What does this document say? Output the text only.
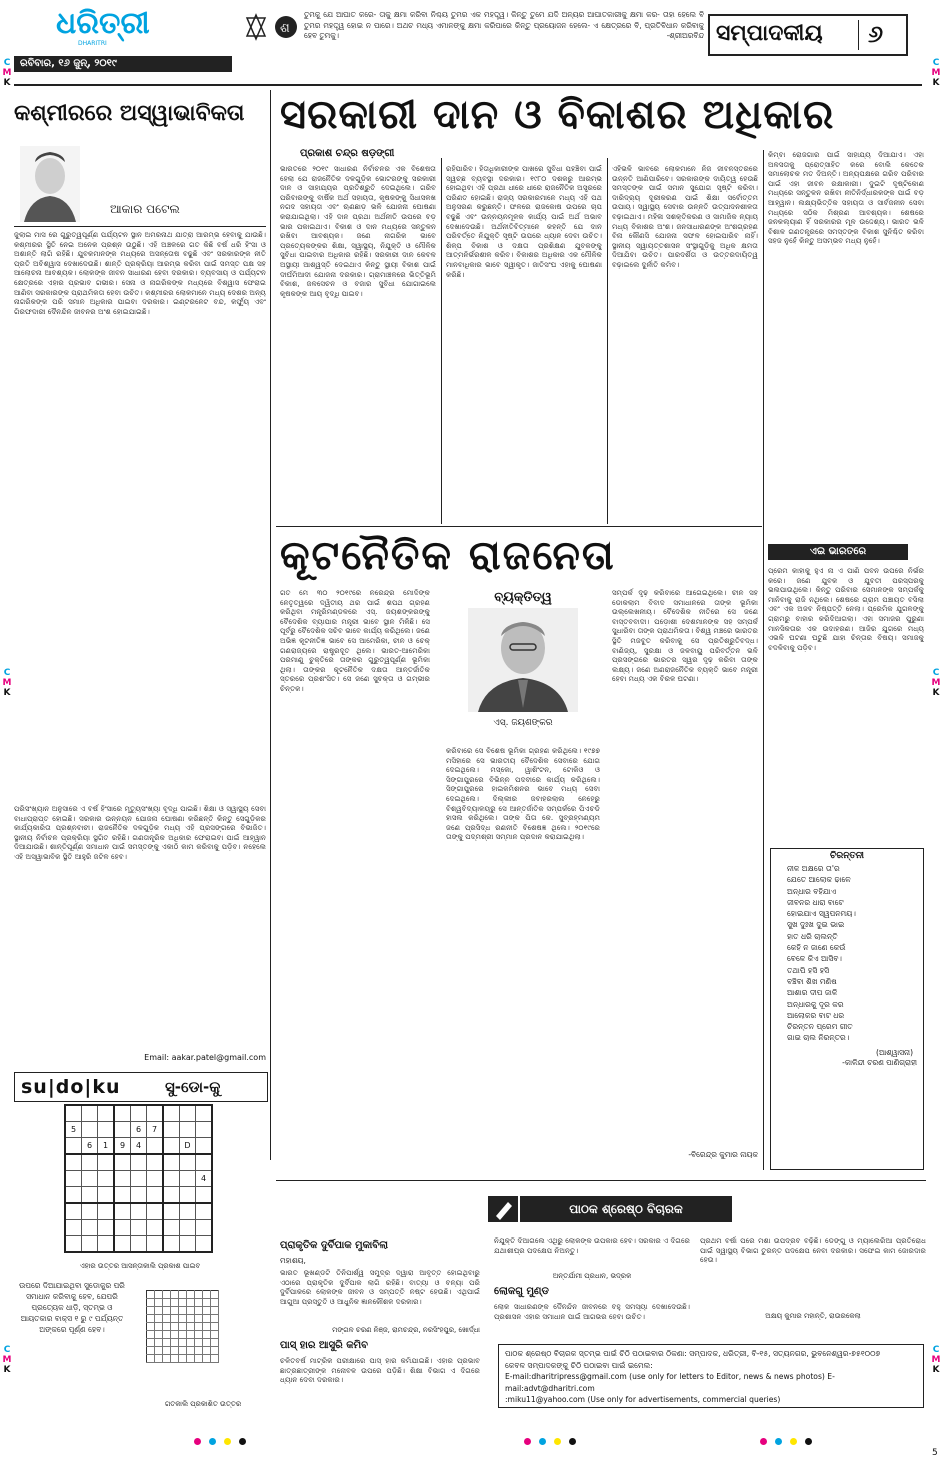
C
M
K
C
M
K
C
M
K
C
M
K
C
M
K
C
M
K
ଧରିତ୍ରୀ
DHARITRI
ରବିବାର, ୧୬ ଜୁନ୍, ୨୦୧୯
ଶ
ତୁମକୁ ଯେ ଆଘାତ କରେ- ତାକୁ କ୍ଷମା କରିବା ନିଶ୍ଚୟ ତୁମର ଏକ ମହତ୍ତ୍ୱ। କିନ୍ତୁ ତୁମେ ଯଦି ଅନ୍ୟର ଆଘାତକାରୀକୁ କ୍ଷମା କର- ତାହା ହେଲେ ବି ତୁମର ମହତ୍ତ୍ୱ ହୋଇ ନ ପାରେ। ଅଥଚ ମଧ୍ୟ ଏମାନଙ୍କୁ କ୍ଷମା କରିପାରେ କିନ୍ତୁ ପ୍ରୟୋଜନ ହେଲେ- ଏ କ୍ଷେତ୍ରରେ ବି, ପ୍ରତିବିଧାନ କରିବାକୁ ହେବ ତୁମକୁ।	-ଶ୍ରୀଅରବିନ୍ଦ ସମ୍ପାଦକୀୟ ୬
କଶ୍ମୀରରେ ଅସ୍ୱାଭାବିକତା
ଆକାର ପଟେଲ
ଜୁଲାଇ ମାସ ରେ ଗୁରୁତ୍ୱପୂର୍ଣ୍ଣ ପର୍ଯ୍ୟଟନ ସ୍ଥାନ ଅମରନାଥ ଯାତ୍ରା ଆରମ୍ଭ ହେବାକୁ ଯାଉଛି। କଶ୍ମୀରର ସ୍ଥିତି ନେଇ ଅନେକ ପ୍ରଶ୍ନ ଉଠୁଛି। ଏହି ଅଞ୍ଚଳରେ ଗତ କିଛି ବର୍ଷ ଧରି ହିଂସା ଓ ଅଶାନ୍ତି ଲାଗି ରହିଛି। ଯୁବକମାନଙ୍କ ମଧ୍ୟରେ ଅସନ୍ତୋଷ ବଢୁଛି ଏବଂ ସରକାରଙ୍କ ନୀତି ପ୍ରତି ଅବିଶ୍ୱାସ ଦେଖାଦେଉଛି। ଶାନ୍ତି ପ୍ରକ୍ରିୟା ଆରମ୍ଭ କରିବା ପାଇଁ ସମସ୍ତ ପକ୍ଷ ସହ ଆଲୋଚନା ଆବଶ୍ୟକ। ଲୋକଙ୍କ ଜୀବନ ସାଧାରଣ ହେବା ଦରକାର। ବ୍ୟବସାୟ ଓ ପର୍ଯ୍ୟଟନ କ୍ଷେତ୍ରରେ ଏହାର ପ୍ରଭାବ ଗଭୀର। ସେନା ଓ ନାଗରିକଙ୍କ ମଧ୍ୟରେ ବିଶ୍ୱାସ ଫେରାଇ ଆଣିବା ସରକାରଙ୍କ ପ୍ରାଥମିକତା ହେବା ଉଚିତ। କଶ୍ମୀରର ଲୋକମାନେ ମଧ୍ୟ ଦେଶର ଅନ୍ୟ ନାଗରିକଙ୍କ ପରି ସମାନ ଅଧିକାର ପାଇବା ଦରକାର। ଇଣ୍ଟରନେଟ ବନ୍ଦ, କର୍ଫ୍ୟୁ ଏବଂ ଗିରଫଦାରୀ ଦୈନନ୍ଦିନ ଜୀବନର ଅଂଶ ହୋଇଯାଇଛି।
ପରିସଂଖ୍ୟାନ ଅନୁସାରେ ଏ ବର୍ଷ ହିଂସାରେ ମୃତ୍ୟୁସଂଖ୍ୟା ବୃଦ୍ଧି ପାଇଛି। ଶିକ୍ଷା ଓ ସ୍ୱାସ୍ଥ୍ୟ ସେବା ବାଧାପ୍ରାପ୍ତ ହୋଇଛି। ସରକାର ଉନ୍ନୟନ ଯୋଜନା ଘୋଷଣା କରିଛନ୍ତି କିନ୍ତୁ ସେଗୁଡ଼ିକର କାର୍ଯ୍ୟକାରିତା ପ୍ରଶ୍ନବାଚୀ। ରାଜନୈତିକ ଦଳଗୁଡ଼ିକ ମଧ୍ୟ ଏହି ପ୍ରସଙ୍ଗରେ ବିଭାଜିତ। ସ୍ଥାନୀୟ ନିର୍ବାଚନ ପ୍ରକ୍ରିୟା ସ୍ଥଗିତ ରହିଛି। ଗଣତାନ୍ତ୍ରିକ ଅଧିକାର ଫେରାଇବା ପାଇଁ ଆହ୍ୱାନ ଦିଆଯାଉଛି। ଶାନ୍ତିପୂର୍ଣ୍ଣ ସମାଧାନ ପାଇଁ ସମସ୍ତଙ୍କୁ ଏକାଠି କାମ କରିବାକୁ ପଡ଼ିବ। ନହେଲେ ଏହି ଅସ୍ୱାଭାବିକ ସ୍ଥିତି ଆହୁରି ଜଟିଳ ହେବ।
Email: aakar.patel@gmail.com
su|do|ku	ସୁ-ଡୋ-କୁ

5				6	7			
	6	1	9	4			D	

								4

ଏହାର ଉତ୍ତର ଆସନ୍ତାକାଲି ପ୍ରକାଶ ପାଇବ
ଉପରେ ଦିଆଯାଇଥିବା ସୁଡୋକୁର ପରି ସମାଧାନ କରିବାକୁ ହେବ, ଯେପରି ପ୍ରତ୍ୟେକ ଧାଡ଼ି, ସ୍ତମ୍ଭ ଓ ଆୟତକାର ବାକ୍ସ ୧ ରୁ ୯ ପର୍ଯ୍ୟନ୍ତ ଅଙ୍କରେ ପୂର୍ଣ୍ଣ ହେବ।

ଗତକାଲି ପ୍ରକାଶିତ ଉତ୍ତର
ସରକାରୀ ଦାନ ଓ ବିକାଶର ଅଧିକାର
ପ୍ରକାଶ ଚନ୍ଦ୍ର ଷଡ଼ଙ୍ଗୀ
ଭାରତରେ ୨୦୧୯ ସାଧାରଣ ନିର୍ବାଚନର ଏକ ବିଶେଷତା ହେଲା ଯେ ରାଜନୈତିକ ଦଳଗୁଡ଼ିକ ଭୋଟରଙ୍କୁ ସରକାରୀ ଦାନ ଓ ସାହାଯ୍ୟର ପ୍ରତିଶ୍ରୁତି ଦେଇଥିଲେ। ଗରିବ ପରିବାରଙ୍କୁ ବାର୍ଷିକ ଅର୍ଥ ସହାୟତା, କୃଷକଙ୍କୁ ସିଧାସଳଖ ନଗଦ ସହାୟତା ଏବଂ ଋଣଛାଡ଼ ଭଳି ଯୋଜନା ଘୋଷଣା କରାଯାଇଥିଲା। ଏହି ଦାନ ପ୍ରଥା ଅର୍ଥନୀତି ଉପରେ ବଡ଼ ଭାର ପକାଇଥାଏ। ବିକାଶ ଓ ଦାନ ମଧ୍ୟରେ ସନ୍ତୁଳନ ରଖିବା ଆବଶ୍ୟକ। ଜଣେ ନାଗରିକ ଭାବେ ପ୍ରତ୍ୟେକଙ୍କର ଶିକ୍ଷା, ସ୍ୱାସ୍ଥ୍ୟ, ନିଯୁକ୍ତି ଓ ମୌଳିକ ସୁବିଧା ପାଇବାର ଅଧିକାର ରହିଛି। ସରକାରୀ ଦାନ କେବଳ ଅସ୍ଥାୟୀ ଆଶ୍ୱସ୍ତି ଦେଇଥାଏ କିନ୍ତୁ ସ୍ଥାୟୀ ବିକାଶ ପାଇଁ ଦୀର୍ଘମିଆଦୀ ଯୋଜନା ଦରକାର। ଗ୍ରାମାଞ୍ଚଳରେ ଭିତ୍ତିଭୂମି ବିକାଶ, ଜଳସେଚନ ଓ ବଜାର ସୁବିଧା ଯୋଗାଇଲେ କୃଷକଙ୍କ ଆୟ ବୃଦ୍ଧି ପାଇବ।
ରହିପାରିବ। ହିତାଧିକାରୀଙ୍କ ପାଖରେ ସୁବିଧା ପହଞ୍ଚିବା ପାଇଁ ସ୍ୱଚ୍ଛ ବ୍ୟବସ୍ଥା ଦରକାର। ୧୯୮୦ ଦଶକରୁ ଆରମ୍ଭ ହୋଇଥିବା ଏହି ପ୍ରଥା ଧୀରେ ଧୀରେ ରାଜନୈତିକ ଅସ୍ତ୍ରରେ ପରିଣତ ହୋଇଛି। ରାଜ୍ୟ ସରକାରମାନେ ମଧ୍ୟ ଏହି ପଥ ଅନୁସରଣ କରୁଛନ୍ତି। ଫଳରେ ରାଜକୋଷ ଉପରେ ଚାପ ବଢୁଛି ଏବଂ ଉନ୍ନୟନମୂଳକ କାର୍ଯ୍ୟ ପାଇଁ ଅର୍ଥ ଅଭାବ ଦେଖାଦେଉଛି। ଅର୍ଥନୀତିବିତ୍‌ମାନେ କହନ୍ତି ଯେ ଦାନ ପରିବର୍ତ୍ତେ ନିଯୁକ୍ତି ସୃଷ୍ଟି ଉପରେ ଧ୍ୟାନ ଦେବା ଉଚିତ। ଶିଳ୍ପ ବିକାଶ ଓ ଦକ୍ଷତା ପ୍ରଶିକ୍ଷଣ ଯୁବକଙ୍କୁ ଆତ୍ମନିର୍ଭରଶୀଳ କରିବ। ବିକାଶର ଅଧିକାର ଏକ ମୌଳିକ ମାନବାଧିକାର ଭାବେ ସ୍ୱୀକୃତ। ଜାତିସଂଘ ଏହାକୁ ଘୋଷଣା କରିଛି।
ଏହିଭଳି ଭାବରେ ଲୋକମାନେ ନିଜ ଜୀବନସ୍ତରରେ ଉନ୍ନତି ଆଣିପାରିବେ। ସରକାରଙ୍କ ଦାୟିତ୍ୱ ହେଉଛି ସମସ୍ତଙ୍କ ପାଇଁ ସମାନ ସୁଯୋଗ ସୃଷ୍ଟି କରିବା। ଦାରିଦ୍ର୍ୟ ଦୂରୀକରଣ ପାଇଁ ଶିକ୍ଷା ସର୍ବୋତ୍ତମ ଉପାୟ। ସ୍ୱାସ୍ଥ୍ୟ ସେବାର ଉନ୍ନତି ଉତ୍ପାଦନଶୀଳତା ବଢ଼ାଇଥାଏ। ମହିଳା ସଶକ୍ତିକରଣ ଓ ସାମାଜିକ ନ୍ୟାୟ ମଧ୍ୟ ବିକାଶର ଅଂଶ। ଜନସାଧାରଣଙ୍କ ଅଂଶଗ୍ରହଣ ବିନା କୌଣସି ଯୋଜନା ସଫଳ ହୋଇପାରିବ ନାହିଁ। ସ୍ଥାନୀୟ ସ୍ୱାୟତ୍ତଶାସନ ସଂସ୍ଥାଗୁଡ଼ିକୁ ଅଧିକ କ୍ଷମତା ଦିଆଯିବା ଉଚିତ। ପାରଦର୍ଶିତା ଓ ଉତ୍ତରଦାୟିତ୍ୱ ବଢ଼ାଇଲେ ଦୁର୍ନୀତି କମିବ।
କିମ୍ବା ରୋଜଗାର ପାଇଁ ସାହାଯ୍ୟ ଦିଆଯାଏ। ଏହା ଅଳସତାକୁ ପ୍ରୋତ୍ସାହିତ କରେ ବୋଲି କେତେକ ସମାଲୋଚକ ମତ ଦିଅନ୍ତି। ଅନ୍ୟପକ୍ଷରେ ଗରିବ ପରିବାର ପାଇଁ ଏହା ଜୀବନ ରକ୍ଷାକାରୀ। ଦୁଇଟି ଦୃଷ୍ଟିକୋଣ ମଧ୍ୟରେ ସନ୍ତୁଳନ ରଖିବା ନୀତିନିର୍ଦ୍ଧାରକଙ୍କ ପାଇଁ ବଡ଼ ଆହ୍ୱାନ। ଲକ୍ଷ୍ୟଭିତ୍ତିକ ସହାୟତା ଓ ସାର୍ବଜନୀନ ସେବା ମଧ୍ୟରେ ସଠିକ ମିଶ୍ରଣ ଆବଶ୍ୟକ। ଶେଷରେ ଜନକଲ୍ୟାଣ ହିଁ ସରକାରର ମୂଳ ଉଦ୍ଦେଶ୍ୟ। ଭାରତ ଭଳି ବିଶାଳ ଗଣତନ୍ତ୍ରରେ ସମସ୍ତଙ୍କ ବିକାଶ ସୁନିଶ୍ଚିତ କରିବା ସହଜ ନୁହେଁ କିନ୍ତୁ ଅସମ୍ଭବ ମଧ୍ୟ ନୁହେଁ।
କୂଟନୈତିକ ରାଜନେତା
ଗତ ମେ ୩୦ ୨୦୧୯ରେ ନରେନ୍ଦ୍ର ମୋଦିଙ୍କ ନେତୃତ୍ୱରେ ଦ୍ୱିତୀୟ ଥର ପାଇଁ ଶପଥ ଗ୍ରହଣ କରିଥିବା ମନ୍ତ୍ରିମଣ୍ଡଳରେ ଏସ୍. ଜୟଶଙ୍କରଙ୍କୁ ବୈଦେଶିକ ବ୍ୟାପାର ମନ୍ତ୍ରୀ ଭାବେ ସ୍ଥାନ ମିଳିଛି। ସେ ପୂର୍ବରୁ ବୈଦେଶିକ ସଚିବ ଭାବେ କାର୍ଯ୍ୟ କରିଥିଲେ। ଜଣେ ଅଭିଜ୍ଞ କୂଟନୀତିଜ୍ଞ ଭାବେ ସେ ଆମେରିକା, ଚୀନ ଓ ଚେକ୍ ଗଣରାଜ୍ୟରେ ରାଷ୍ଟ୍ରଦୂତ ଥିଲେ। ଭାରତ-ଆମେରିକା ପରମାଣୁ ଚୁକ୍ତିରେ ତାଙ୍କର ଗୁରୁତ୍ୱପୂର୍ଣ୍ଣ ଭୂମିକା ଥିଲା। ତାଙ୍କର କୂଟନୈତିକ ଦକ୍ଷତା ଆନ୍ତର୍ଜାତିକ ସ୍ତରରେ ପ୍ରଶଂସିତ। ସେ ଜଣେ ସୁବକ୍ତା ଓ ଗମ୍ଭୀର ଚିନ୍ତକ।
ବ୍ୟକ୍ତିତ୍ୱ
ଏସ୍. ଜୟଶଙ୍କର
କରିବାରେ ସେ ବିଶେଷ ଭୂମିକା ଗ୍ରହଣ କରିଥିଲେ। ୧୯୭୭ ମସିହାରେ ସେ ଭାରତୀୟ ବୈଦେଶିକ ସେବାରେ ଯୋଗ ଦେଇଥିଲେ। ମସ୍କୋ, ୱାଶିଂଟନ, ଟୋକିଓ ଓ ସିଙ୍ଗାପୁରରେ ବିଭିନ୍ନ ପଦବୀରେ କାର୍ଯ୍ୟ କରିଥିଲେ। ସିଙ୍ଗାପୁରରେ ହାଇକମିଶନର ଭାବେ ମଧ୍ୟ ସେବା ଦେଇଥିଲେ। ଦିଲ୍ଲୀର ଜବାହରଲାଲ ନେହେରୁ ବିଶ୍ୱବିଦ୍ୟାଳୟରୁ ସେ ଆନ୍ତର୍ଜାତିକ ସମ୍ପର୍କରେ ପିଏଚଡି ହାସଲ କରିଥିଲେ। ତାଙ୍କ ପିତା କେ. ସୁବ୍ରହ୍ମଣ୍ୟମ ଜଣେ ପ୍ରସିଦ୍ଧ ରଣନୀତି ବିଶେଷଜ୍ଞ ଥିଲେ। ୨୦୧୯ରେ ତାଙ୍କୁ ପଦ୍ମଶ୍ରୀ ସମ୍ମାନ ପ୍ରଦାନ କରାଯାଇଥିଲା।
ସମ୍ପର୍କ ଦୃଢ଼ କରିବାରେ ଆଗେଇଥିଲେ। ଚୀନ ସହ ଡୋକଲାମ ବିବାଦ ସମାଧାନରେ ତାଙ୍କ ଭୂମିକା ଉଲ୍ଲେଖନୀୟ। ବୈଦେଶିକ ନୀତିରେ ସେ ଜଣେ ବାସ୍ତବବାଦୀ। ପଡ଼ୋଶୀ ଦେଶମାନଙ୍କ ସହ ସମ୍ପର୍କ ସୁଧାରିବା ତାଙ୍କ ପ୍ରାଥମିକତା। ବିଶ୍ୱ ମଞ୍ଚରେ ଭାରତର ସ୍ଥିତି ମଜବୁତ କରିବାକୁ ସେ ପ୍ରତିଶ୍ରୁତିବଦ୍ଧ। ବାଣିଜ୍ୟ, ସୁରକ୍ଷା ଓ ଜଳବାୟୁ ପରିବର୍ତ୍ତନ ଭଳି ପ୍ରସଙ୍ଗରେ ଭାରତର ସ୍ୱର ଦୃଢ଼ କରିବା ତାଙ୍କ ଲକ୍ଷ୍ୟ। ଜଣେ ଅଣରାଜନୈତିକ ବ୍ୟକ୍ତି ଭାବେ ମନ୍ତ୍ରୀ ହେବା ମଧ୍ୟ ଏକ ବିରଳ ଘଟଣା।
-ବିରେନ୍ଦ୍ର କୁମାର ନାୟକ
ଏଇ ଭାରତରେ
ପ୍ରେମ କାହାକୁ ହୁଏ ନା ଏ ପାଣି ପବନ ଉପରେ ନିର୍ଭର କରେ। ଜଣେ ଯୁବକ ଓ ଯୁବତୀ ପରସ୍ପରକୁ ଭଲପାଉଥିଲେ। କିନ୍ତୁ ପରିବାର ସେମାନଙ୍କ ସମ୍ପର୍କକୁ ମାନିବାକୁ ରାଜି ନଥିଲେ। ଶେଷରେ ଗ୍ରାମ ପଞ୍ଚାୟତ ବସିଲା ଏବଂ ଏକ ଅଜବ ନିଷ୍ପତ୍ତି ନେଲା। ପ୍ରେମିକ ଯୁଗଳଙ୍କୁ ଗ୍ରାମରୁ ବାହାର କରିଦିଆଗଲା। ଏହା ସମାଜର ପୁରୁଣା ମାନସିକତାର ଏକ ଉଦାହରଣ। ଆଜିର ଯୁଗରେ ମଧ୍ୟ ଏଭଳି ଘଟଣା ଘଟୁଛି ଯାହା ଚିନ୍ତାର ବିଷୟ। ସମାଜକୁ ବଦଳିବାକୁ ପଡ଼ିବ।
ଚିରନ୍ତନୀ
ନୀଳ ଅକ୍ଷରେ ତା'ର
ଯେତେ ଆଲୋକ ଢାଳେ
ଅନ୍ଧାର ବହିଯାଏ
ଜୀବନର ଧାରା ବାଟେ
ହୋଇଯାଏ ସ୍ୱପନମୟ।
ସୁଖ ଦୁଃଖ ଦୁଇ ଭାଇ
ହାତ ଧରି ଚାଲନ୍ତି
କେହି ନ ଜାଣେ କେଉଁ
ବେଳେ କିଏ ଆସିବ।
ତଥାପି ହସି ହସି
ବଞ୍ଚିବା ଶିଖ ମଣିଷ
ଆଶାର ଦୀପ ଜାଳି
ଅନ୍ଧାରକୁ ଦୂର କର
ଆଲୋକର ବାଟ ଧର
ଚିରନ୍ତନ ପ୍ରେମ ଗୀତ
ଗାଇ ଚାଲ ନିରନ୍ତର।
(ଆଶ୍ୱାସନା)
-କାଳିନ୍ଦୀ ଚରଣ ପାଣିଗ୍ରାହୀ
ପାଠକ ଶ୍ରେଷ୍ଠ ବିଚାରକ
ପ୍ରାକୃତିକ ଦୁର୍ବିପାକ ମୁକାବିଲା
ମହାଶୟ,
ଭାରତ ଭୂଖଣ୍ଡଟି ତିନିପାର୍ଶ୍ୱ ସମୁଦ୍ର ଦ୍ୱାରା ଆବୃତ୍ତ ହୋଇଥିବାରୁ ଏଠାରେ ପ୍ରାକୃତିକ ଦୁର୍ବିପାକ ଲାଗି ରହିଛି। ବାତ୍ୟା ଓ ବନ୍ୟା ପରି ଦୁର୍ବିପାକରେ ଲୋକଙ୍କ ଜୀବନ ଓ ସମ୍ପତ୍ତି ନଷ୍ଟ ହେଉଛି। ଏଥିପାଇଁ ଆଗୁଆ ପ୍ରସ୍ତୁତି ଓ ଆଧୁନିକ ଜ୍ଞାନକୌଶଳ ଦରକାର।
ମଙ୍ଗଳ ଚରଣ ନିଞ୍ଜ, ରାମଚନ୍ଦ୍ର, ନରସିଂହପୁର, ଖୋର୍ଦ୍ଧା
ପାସ୍ ହାର ଆସୁରି କମିବ
ଚଳିତବର୍ଷ ମାଟ୍ରିକ ପରୀକ୍ଷାରେ ପାସ୍ ହାର କମିଯାଇଛି। ଏହାର ପ୍ରଭାବ ଛାତ୍ରଛାତ୍ରୀଙ୍କ ମନୋବଳ ଉପରେ ପଡ଼ିଛି। ଶିକ୍ଷା ବିଭାଗ ଏ ଦିଗରେ ଧ୍ୟାନ ଦେବା ଦରକାର।
ନିଯୁକ୍ତି ଦିଆଗଲେ ଏଥିରୁ ଲୋକଙ୍କ ଉପକାର ହେବ। ସରକାର ଏ ଦିଗରେ ଯଥାଶୀଘ୍ର ପଦକ୍ଷେପ ନିଅନ୍ତୁ।
ଅନ୍ତର୍ଯାମୀ ପ୍ରଧାନ, ଭଦ୍ରକ
ଲୋକଗୁ ମୁଣ୍ଡ
ଲୋକ ସାଧାରଣଙ୍କ ଦୈନନ୍ଦିନ ଜୀବନରେ ବହୁ ସମସ୍ୟା ଦେଖାଦେଉଛି। ପ୍ରଶାସନ ଏହାର ସମାଧାନ ପାଇଁ ଆଗଭର ହେବା ଉଚିତ।
ପ୍ରଥମ ବର୍ଷା ପରେ ମଶା ଉପଦ୍ରବ ବଢ଼ିଛି। ଡେଙ୍ଗୁ ଓ ମ୍ୟାଲେରିଆ ପ୍ରତିରୋଧ ପାଇଁ ସ୍ୱାସ୍ଥ୍ୟ ବିଭାଗ ତୁରନ୍ତ ପଦକ୍ଷେପ ନେବା ଦରକାର। ସଫେଇ କାମ ଜୋରଦାର ହେଉ।
ଅକ୍ଷୟ କୁମାର ମହାନ୍ତି, ରାଉରକେଲା
ପାଠକ ଶ୍ରେଷ୍ଠ ବିଚାରକ ସ୍ତମ୍ଭ ପାଇଁ ଚିଠି ପଠାଇବାର ଠିକଣା: ସମ୍ପାଦକ, ଧରିତ୍ରୀ, ବି-୧୫, ସତ୍ୟନଗର, ଭୁବନେଶ୍ୱର-୭୫୧୦୦୭
କେବଳ ସମ୍ପାଦକଙ୍କୁ ଚିଠି ପଠାଇବା ପାଇଁ ଇମେଲ:
E-mail:dharitripress@gmail.com (use only for letters to Editor, news & news photos) E-mail:advt@dharitri.com
:miku11@yahoo.com (Use only for advertisements, commercial queries)
5
